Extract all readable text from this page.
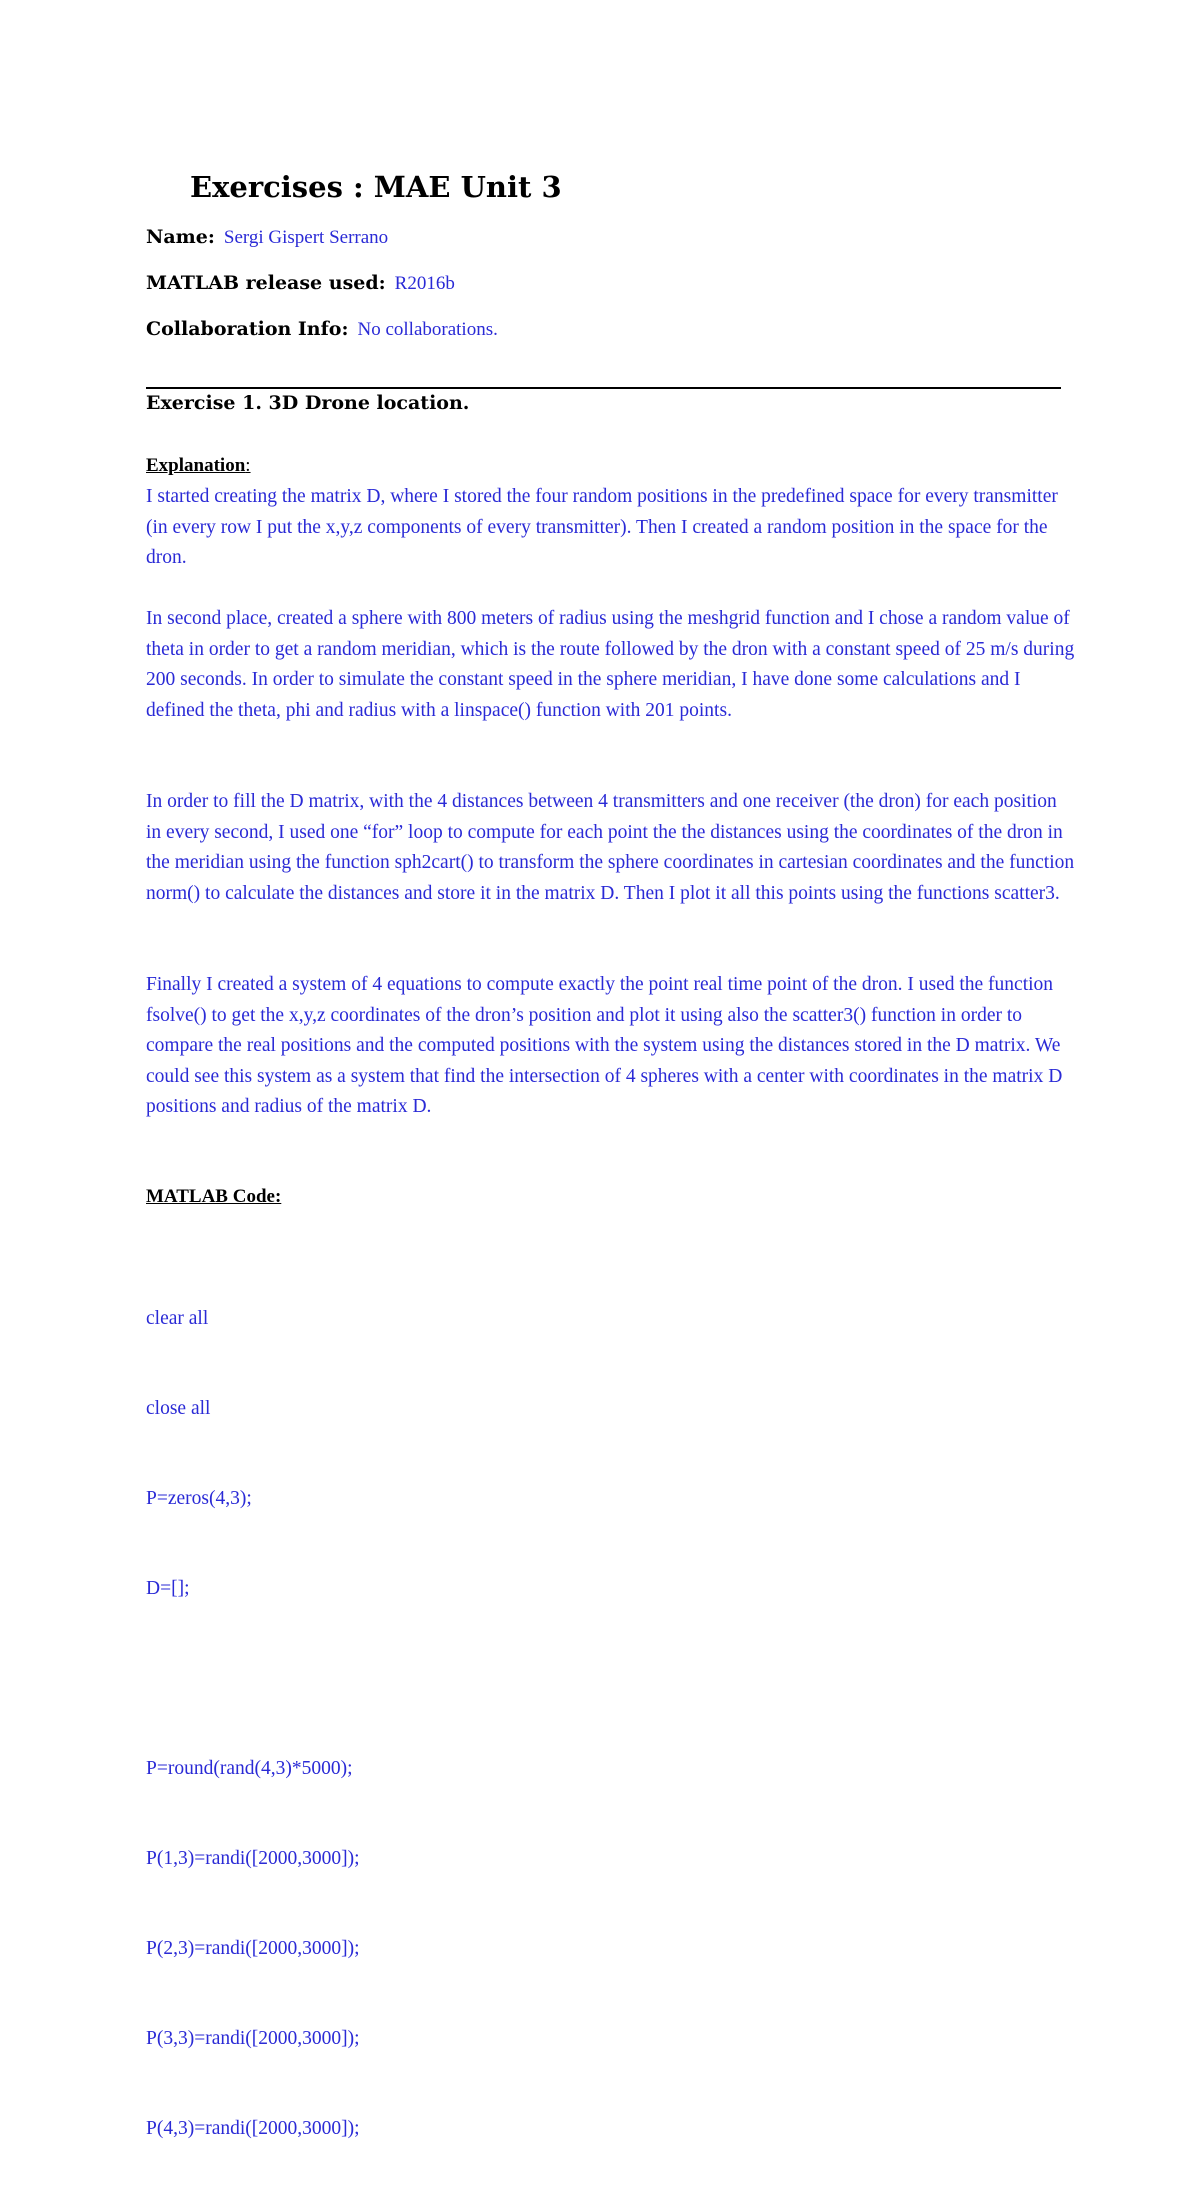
Exercises : MAE Unit 3
Name: Sergi Gispert Serrano
MATLAB release used: R2016b
Collaboration Info: No collaborations.
Exercise 1. 3D Drone location.
Explanation:

I started creating the matrix D, where I stored the four random positions in the predefined space for every transmitter (in every row I put the x,y,z components of every transmitter). Then I created a random position in the space for the dron.

In second place, created a sphere with 800 meters of radius using the meshgrid function and I chose a random value of theta in order to get a random meridian, which is the route followed by the dron with a constant speed of 25 m/s during 200 seconds. In order to simulate the constant speed in the sphere meridian, I have done some calculations and I defined the theta, phi and radius with a linspace() function with 201 points.

In order to fill the D matrix, with the 4 distances between 4 transmitters and one receiver (the dron) for each position in every second, I used one “for” loop to compute for each point the the distances using the coordinates of the dron in the meridian using the function sph2cart() to transform the sphere coordinates in cartesian coordinates and the function norm() to calculate the distances and store it in the matrix D. Then I plot it all this points using the functions scatter3.

Finally I created a system of 4 equations to compute exactly the point real time point of the dron. I used the function fsolve() to get the x,y,z coordinates of the dron’s position and plot it using also the scatter3() function in order to compare the real positions and the computed positions with the system using the distances stored in the D matrix. We could see this system as a system that find the intersection of 4 spheres with a center with coordinates in the matrix D positions and radius of the matrix D.

MATLAB Code:

clear all

close all

P=zeros(4,3);

D=[];

P=round(rand(4,3)*5000);

P(1,3)=randi([2000,3000]);

P(2,3)=randi([2000,3000]);

P(3,3)=randi([2000,3000]);

P(4,3)=randi([2000,3000]);
